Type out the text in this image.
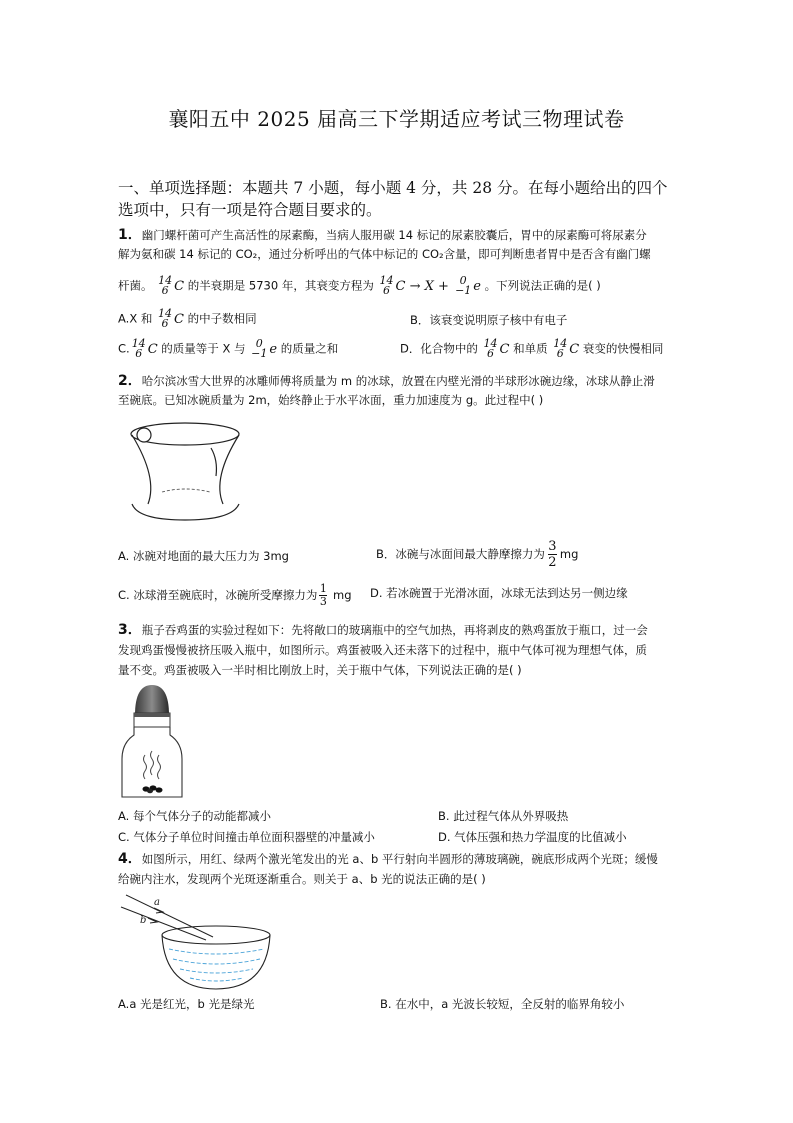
襄阳五中 2025 届高三下学期适应考试三物理试卷
一、单项选择题：本题共 7 小题，每小题 4 分，共 28 分。在每小题给出的四个
选项中，只有一项是符合题目要求的。
1．幽门螺杆菌可产生高活性的尿素酶，当病人服用碳 14 标记的尿素胶囊后，胃中的尿素酶可将尿素分
解为氨和碳 14 标记的 CO₂，通过分析呼出的气体中标记的 CO₂含量，即可判断患者胃中是否含有幽门螺
杆菌。 14
6 C 的半衰期是 5730 年，其衰变方程为 14
6 C → X + 0
−1 e 。下列说法正确的是( )
A.X 和 14
6 C 的中子数相同	B．该衰变说明原子核中有电子
C. 14
6 C 的质量等于 X 与 0
−1 e 的质量之和	D．化合物中的 14
6 C 和单质 14
6 C 衰变的快慢相同
2．哈尔滨冰雪大世界的冰雕师傅将质量为 m 的冰球，放置在内壁光滑的半球形冰碗边缘，冰球从静止滑
至碗底。已知冰碗质量为 2m，始终静止于水平冰面，重力加速度为 g。此过程中( )
A. 冰碗对地面的最大压力为 3mg	B．冰碗与冰面间最大静摩擦力为 $\frac{3}{2}$ mg
C. 冰球滑至碗底时，冰碗所受摩擦力为 $\frac{1}{3}$ mg D. 若冰碗置于光滑冰面，冰球无法到达另一侧边缘
3．瓶子吞鸡蛋的实验过程如下：先将敞口的玻璃瓶中的空气加热，再将剥皮的熟鸡蛋放于瓶口，过一会
发现鸡蛋慢慢被挤压吸入瓶中，如图所示。鸡蛋被吸入还未落下的过程中，瓶中气体可视为理想气体，质
量不变。鸡蛋被吸入一半时相比刚放上时，关于瓶中气体，下列说法正确的是( )
A. 每个气体分子的动能都减小	B. 此过程气体从外界吸热
C. 气体分子单位时间撞击单位面积器壁的冲量减小	D. 气体压强和热力学温度的比值减小
4．如图所示，用红、绿两个激光笔发出的光 a、b 平行射向半圆形的薄玻璃碗，碗底形成两个光斑；缓慢
给碗内注水，发现两个光斑逐渐重合。则关于 a、b 光的说法正确的是( )
a
b
A.a 光是红光，b 光是绿光	B. 在水中，a 光波长较短，全反射的临界角较小
